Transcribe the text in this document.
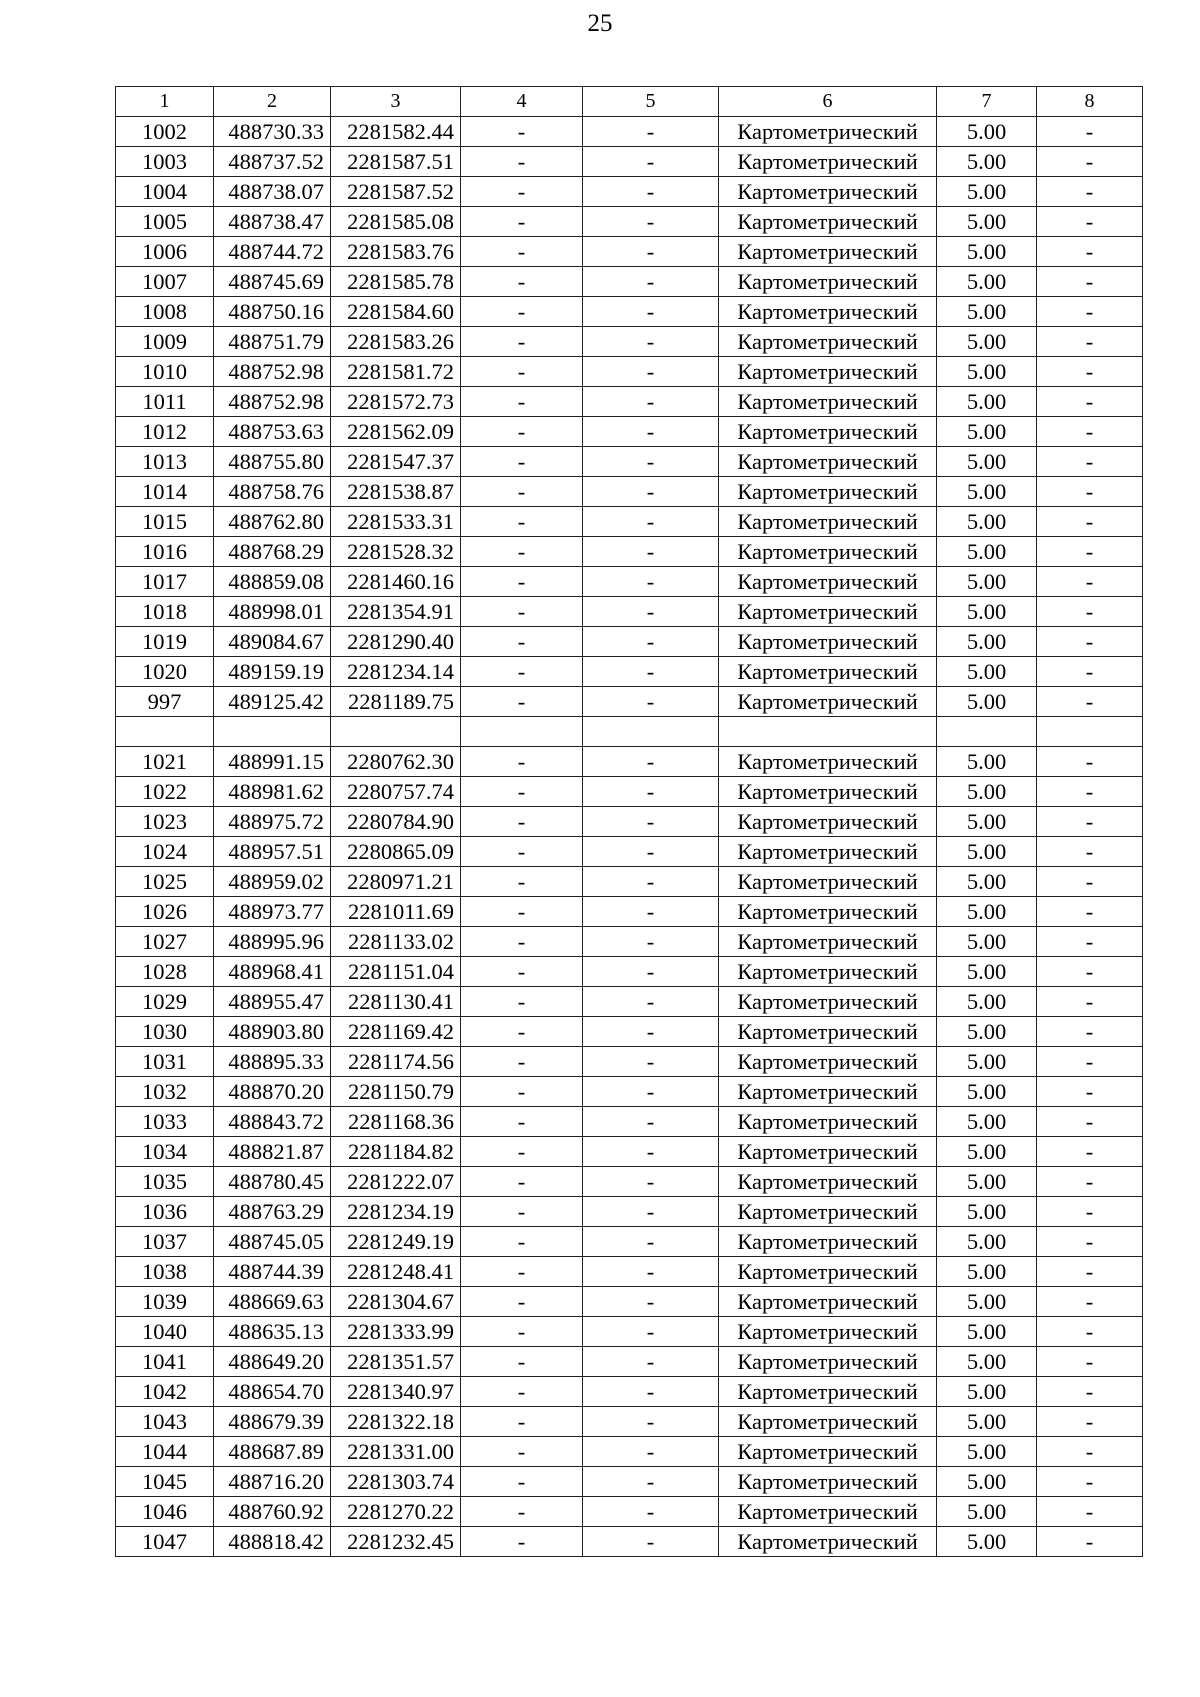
25
1	2	3	4	5	6	7	8
1002	488730.33	2281582.44	-	-	Картометрический	5.00	-
1003	488737.52	2281587.51	-	-	Картометрический	5.00	-
1004	488738.07	2281587.52	-	-	Картометрический	5.00	-
1005	488738.47	2281585.08	-	-	Картометрический	5.00	-
1006	488744.72	2281583.76	-	-	Картометрический	5.00	-
1007	488745.69	2281585.78	-	-	Картометрический	5.00	-
1008	488750.16	2281584.60	-	-	Картометрический	5.00	-
1009	488751.79	2281583.26	-	-	Картометрический	5.00	-
1010	488752.98	2281581.72	-	-	Картометрический	5.00	-
1011	488752.98	2281572.73	-	-	Картометрический	5.00	-
1012	488753.63	2281562.09	-	-	Картометрический	5.00	-
1013	488755.80	2281547.37	-	-	Картометрический	5.00	-
1014	488758.76	2281538.87	-	-	Картометрический	5.00	-
1015	488762.80	2281533.31	-	-	Картометрический	5.00	-
1016	488768.29	2281528.32	-	-	Картометрический	5.00	-
1017	488859.08	2281460.16	-	-	Картометрический	5.00	-
1018	488998.01	2281354.91	-	-	Картометрический	5.00	-
1019	489084.67	2281290.40	-	-	Картометрический	5.00	-
1020	489159.19	2281234.14	-	-	Картометрический	5.00	-
997	489125.42	2281189.75	-	-	Картометрический	5.00	-

1021	488991.15	2280762.30	-	-	Картометрический	5.00	-
1022	488981.62	2280757.74	-	-	Картометрический	5.00	-
1023	488975.72	2280784.90	-	-	Картометрический	5.00	-
1024	488957.51	2280865.09	-	-	Картометрический	5.00	-
1025	488959.02	2280971.21	-	-	Картометрический	5.00	-
1026	488973.77	2281011.69	-	-	Картометрический	5.00	-
1027	488995.96	2281133.02	-	-	Картометрический	5.00	-
1028	488968.41	2281151.04	-	-	Картометрический	5.00	-
1029	488955.47	2281130.41	-	-	Картометрический	5.00	-
1030	488903.80	2281169.42	-	-	Картометрический	5.00	-
1031	488895.33	2281174.56	-	-	Картометрический	5.00	-
1032	488870.20	2281150.79	-	-	Картометрический	5.00	-
1033	488843.72	2281168.36	-	-	Картометрический	5.00	-
1034	488821.87	2281184.82	-	-	Картометрический	5.00	-
1035	488780.45	2281222.07	-	-	Картометрический	5.00	-
1036	488763.29	2281234.19	-	-	Картометрический	5.00	-
1037	488745.05	2281249.19	-	-	Картометрический	5.00	-
1038	488744.39	2281248.41	-	-	Картометрический	5.00	-
1039	488669.63	2281304.67	-	-	Картометрический	5.00	-
1040	488635.13	2281333.99	-	-	Картометрический	5.00	-
1041	488649.20	2281351.57	-	-	Картометрический	5.00	-
1042	488654.70	2281340.97	-	-	Картометрический	5.00	-
1043	488679.39	2281322.18	-	-	Картометрический	5.00	-
1044	488687.89	2281331.00	-	-	Картометрический	5.00	-
1045	488716.20	2281303.74	-	-	Картометрический	5.00	-
1046	488760.92	2281270.22	-	-	Картометрический	5.00	-
1047	488818.42	2281232.45	-	-	Картометрический	5.00	-
